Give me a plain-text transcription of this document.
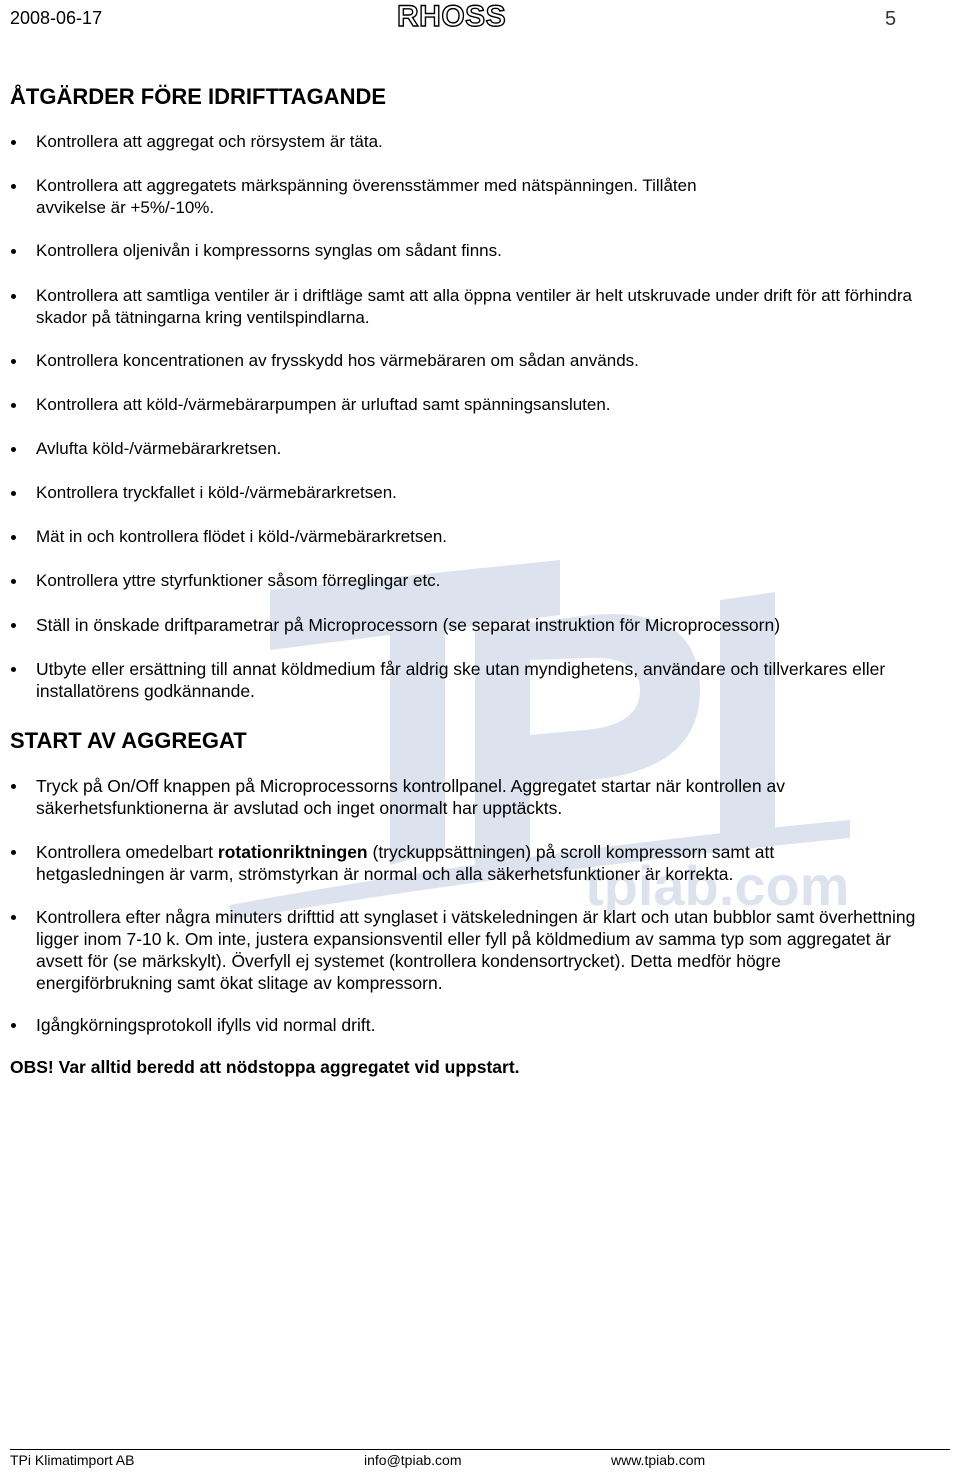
2008-06-17	RHOSS	5
tpiab.com
ÅTGÄRDER FÖRE IDRIFTTAGANDE
Kontrollera att aggregat och rörsystem är täta.
Kontrollera att aggregatets märkspänning överensstämmer med nätspänningen. Tillåten avvikelse är +5%/-10%.
Kontrollera oljenivån i kompressorns synglas om sådant finns.
Kontrollera att samtliga ventiler är i driftläge samt att alla öppna ventiler är helt utskruvade under drift för att förhindra skador på tätningarna kring ventilspindlarna.
Kontrollera koncentrationen av frysskydd hos värmebäraren om sådan används.
Kontrollera att köld-/värmebärarpumpen är urluftad samt spänningsansluten.
Avlufta köld-/värmebärarkretsen.
Kontrollera tryckfallet i köld-/värmebärarkretsen.
Mät in och kontrollera flödet i köld-/värmebärarkretsen.
Kontrollera yttre styrfunktioner såsom förreglingar etc.
Ställ in önskade driftparametrar på Microprocessorn (se separat instruktion för Microprocessorn)
Utbyte eller ersättning till annat köldmedium får aldrig ske utan myndighetens, användare och tillverkares eller installatörens godkännande.
START AV AGGREGAT
Tryck på On/Off knappen på Microprocessorns kontrollpanel. Aggregatet startar när kontrollen av säkerhetsfunktionerna är avslutad och inget onormalt har upptäckts.
Kontrollera omedelbart rotationriktningen (tryckuppsättningen) på scroll kompressorn samt att hetgasledningen är varm, strömstyrkan är normal och alla säkerhetsfunktioner är korrekta.
Kontrollera efter några minuters drifttid att synglaset i vätskeledningen är klart och utan bubblor samt överhettning ligger inom 7-10 k. Om inte, justera expansionsventil eller fyll på köldmedium av samma typ som aggregatet är avsett för (se märkskylt). Överfyll ej systemet (kontrollera kondensortrycket). Detta medför högre energiförbrukning samt ökat slitage av kompressorn.
Igångkörningsprotokoll ifylls vid normal drift.
OBS! Var alltid beredd att nödstoppa aggregatet vid uppstart.
TPi Klimatimport AB	info@tpiab.com	www.tpiab.com
